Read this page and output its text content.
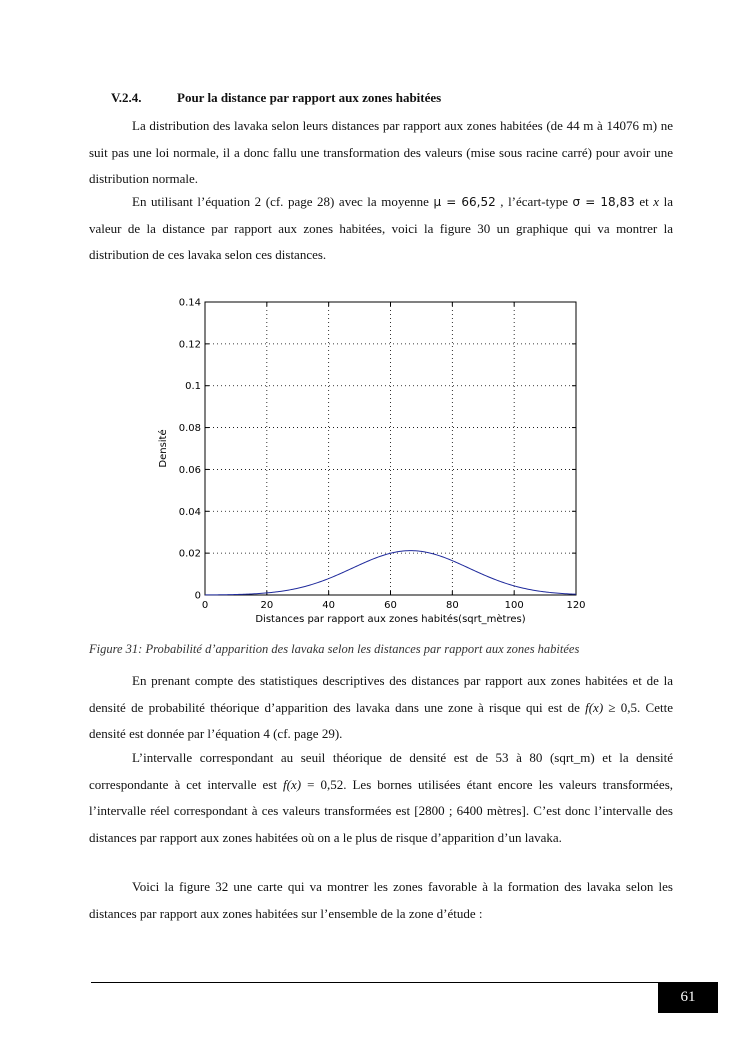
V.2.4.	Pour la distance par rapport aux zones habitées

La distribution des lavaka selon leurs distances par rapport aux zones habitées (de 44 m à 14076 m) ne suit pas une loi normale, il a donc fallu une transformation des valeurs (mise sous racine carré) pour avoir une distribution normale.

En utilisant l’équation 2 (cf. page 28) avec la moyenne μ = 66,52 , l’écart-type σ = 18,83 et x la valeur de la distance par rapport aux zones habitées, voici la figure 30 un graphique qui va montrer la distribution de ces lavaka selon ces distances.

0	20	40	60	80	100	120
0
0.02
0.04
0.06
0.08
0.1
0.12
0.14
Distances par rapport aux zones habités(sqrt_mètres)
Densité
Figure 31: Probabilité d’apparition des lavaka selon les distances par rapport aux zones habitées

En prenant compte des statistiques descriptives des distances par rapport aux zones habitées et de la densité de probabilité théorique d’apparition des lavaka dans une zone à risque qui est de f(x) ≥ 0,5. Cette densité est donnée par l’équation 4 (cf. page 29).

L’intervalle correspondant au seuil théorique de densité est de 53 à 80 (sqrt_m) et la densité correspondante à cet intervalle est f(x) = 0,52. Les bornes utilisées étant encore les valeurs transformées, l’intervalle réel correspondant à ces valeurs transformées est [2800 ; 6400 mètres]. C’est donc l’intervalle des distances par rapport aux zones habitées où on a le plus de risque d’apparition d’un lavaka.

Voici la figure 32 une carte qui va montrer les zones favorable à la formation des lavaka selon les distances par rapport aux zones habitées sur l’ensemble de la zone d’étude :

61
